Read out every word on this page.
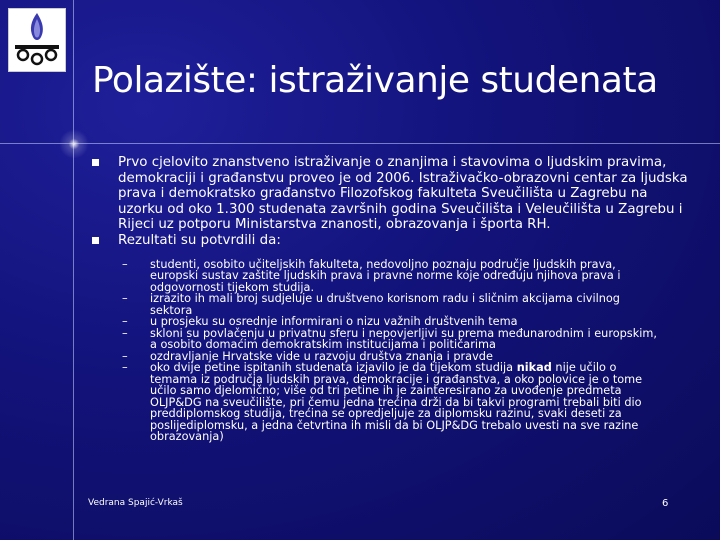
Polazište: istraživanje studenata
Prvo cjelovito znanstveno istraživanje o znanjima i stavovima o ljudskim pravima, demokraciji i građanstvu proveo je od 2006. Istraživačko-obrazovni centar za ljudska prava i demokratsko građanstvo Filozofskog fakulteta Sveučilišta u Zagrebu na uzorku od oko 1.300 studenata završnih godina Sveučilišta i Veleučilišta u Zagrebu i Rijeci uz potporu Ministarstva znanosti, obrazovanja i športa RH.
Rezultati su potvrdili da:
– studenti, osobito učiteljskih fakulteta, nedovoljno poznaju područje ljudskih prava, europski sustav zaštite ljudskih prava i pravne norme koje određuju njihova prava i odgovornosti tijekom studija.
– izrazito ih mali broj sudjeluje u društveno korisnom radu i sličnim akcijama civilnog sektora
– u prosjeku su osrednje informirani o nizu važnih društvenih tema
– skloni su povlačenju u privatnu sferu i nepovjerljivi su prema međunarodnim i europskim, a osobito domaćim demokratskim institucijama i političarima
– ozdravljanje Hrvatske vide u razvoju društva znanja i pravde
– oko dvije petine ispitanih studenata izjavilo je da tijekom studija nikad nije učilo o temama iz područja ljudskih prava, demokracije i građanstva, a oko polovice je o tome učilo samo djelomično; više od tri petine ih je zainteresirano za uvođenje predmeta OLJP&DG na sveučilište, pri čemu jedna trećina drži da bi takvi programi trebali biti dio preddiplomskog studija, trećina se opredjeljuje za diplomsku razinu, svaki deseti za poslijediplomsku, a jedna četvrtina ih misli da bi OLJP&DG trebalo uvesti na sve razine obrazovanja)
Vedrana Spajić-Vrkaš	6
